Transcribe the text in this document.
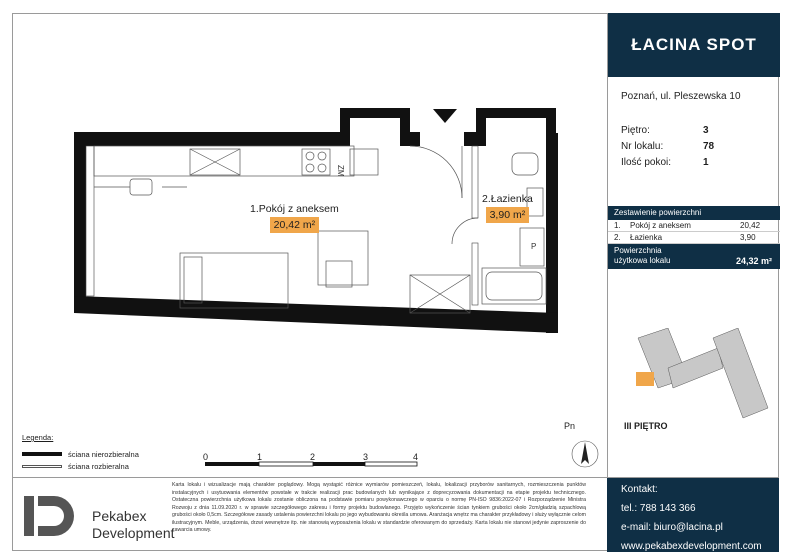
ZM
P
1.Pokój z aneksem
20,42 m²
2.Łazienka
3,90 m²
Pn
Legenda:
ściana nierozbieralna
ściana rozbieralna
0	1	2	3	4
ŁACINA SPOT
Poznań, ul. Pleszewska 10
Piętro:	3
Nr lokalu:	78
Ilość pokoi:	1
Zestawienie powierzchni
1.	Pokój z aneksem	20,42
2.	Łazienka	3,90
Powierzchnia
użytkowa lokalu	24,32 m²
III PIĘTRO
Pekabex
Development
Karta lokalu i wizualizacje mają charakter poglądowy. Mogą wystąpić różnice wymiarów pomieszczeń, lokalu, lokalizacji przyborów sanitarnych, rozmieszczenia punktów instalacyjnych i usytuowania elementów powstałe w trakcie realizacji prac budowlanych lub wynikające z doprecyzowania dokumentacji na etapie projektu technicznego. Ostateczna powierzchnia użytkowa lokalu zostanie obliczona na podstawie pomiaru powykonawczego w oparciu o normę PN-ISO 9836:2022-07 i Rozporządzenie Ministra Rozwoju z dnia 11.09.2020 r. w sprawie szczegółowego zakresu i formy projektu budowlanego. Przyjęto wykończenie ścian tynkiem grubości około 2cm/gładzią szpachlową grubości około 0,5cm. Szczegółowe zasady ustalenia powierzchni lokalu po jego wybudowaniu określa umowa. Aranżacja wnętrz ma charakter przykładowy i służy wyłącznie celom ilustracyjnym. Meble, urządzenia, drzwi wewnętrze itp. nie stanowią wyposażenia lokalu w standardzie oferowanym do sprzedaży. Karta lokalu nie stanowi jedynie zaproszenie do zawarcia umowy.
Kontakt:
tel.: 788 143 366
e-mail: biuro@lacina.pl
www.pekabexdevelopment.com
